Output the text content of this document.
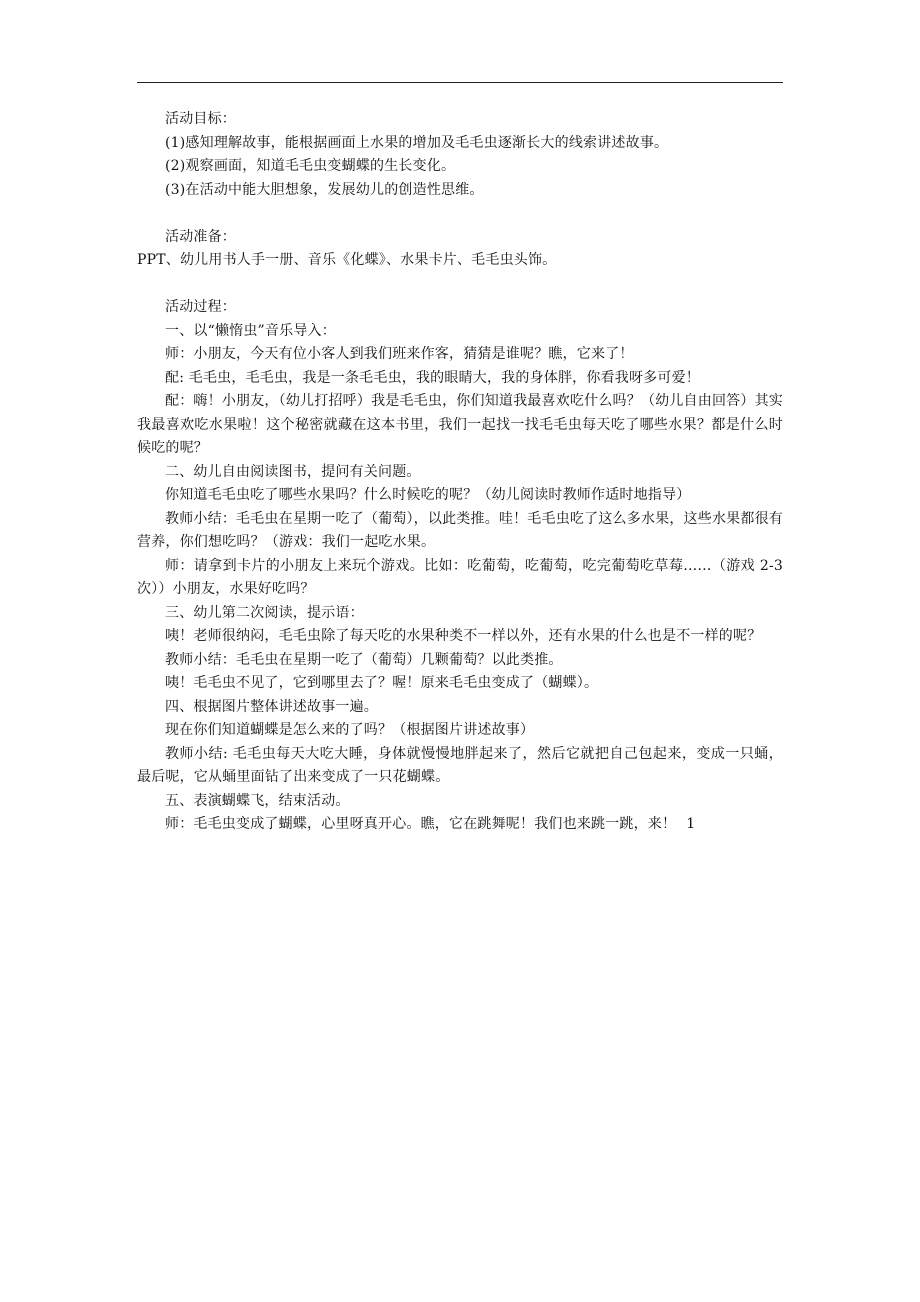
活动目标：

(1)感知理解故事，能根据画面上水果的增加及毛毛虫逐渐长大的线索讲述故事。

(2)观察画面，知道毛毛虫变蝴蝶的生长变化。

(3)在活动中能大胆想象，发展幼儿的创造性思维。

活动准备：

PPT、幼儿用书人手一册、音乐《化蝶》、水果卡片、毛毛虫头饰。

活动过程：

一、以“懒惰虫”音乐导入：

师：小朋友，今天有位小客人到我们班来作客，猜猜是谁呢？瞧，它来了！

配: 毛毛虫，毛毛虫，我是一条毛毛虫，我的眼睛大，我的身体胖，你看我呀多可爱！

配：嗨！小朋友，（幼儿打招呼）我是毛毛虫，你们知道我最喜欢吃什么吗？（幼儿自由回答）其实我最喜欢吃水果啦！这个秘密就藏在这本书里，我们一起找一找毛毛虫每天吃了哪些水果？都是什么时候吃的呢？

二、幼儿自由阅读图书，提问有关问题。

你知道毛毛虫吃了哪些水果吗？什么时候吃的呢？（幼儿阅读时教师作适时地指导）

教师小结：毛毛虫在星期一吃了（葡萄），以此类推。哇！毛毛虫吃了这么多水果，这些水果都很有营养，你们想吃吗？（游戏：我们一起吃水果。

师：请拿到卡片的小朋友上来玩个游戏。比如：吃葡萄，吃葡萄，吃完葡萄吃草莓……（游戏 2-3 次））小朋友，水果好吃吗？

三、幼儿第二次阅读，提示语：

咦！老师很纳闷，毛毛虫除了每天吃的水果种类不一样以外，还有水果的什么也是不一样的呢？

教师小结：毛毛虫在星期一吃了（葡萄）几颗葡萄？以此类推。

咦！毛毛虫不见了，它到哪里去了？喔！原来毛毛虫变成了（蝴蝶）。

四、根据图片整体讲述故事一遍。

现在你们知道蝴蝶是怎么来的了吗？（根据图片讲述故事）

教师小结: 毛毛虫每天大吃大睡，身体就慢慢地胖起来了，然后它就把自己包起来，变成一只蛹，最后呢，它从蛹里面钻了出来变成了一只花蝴蝶。

五、表演蝴蝶飞，结束活动。

师：毛毛虫变成了蝴蝶，心里呀真开心。瞧，它在跳舞呢！我们也来跳一跳，来！ 1
